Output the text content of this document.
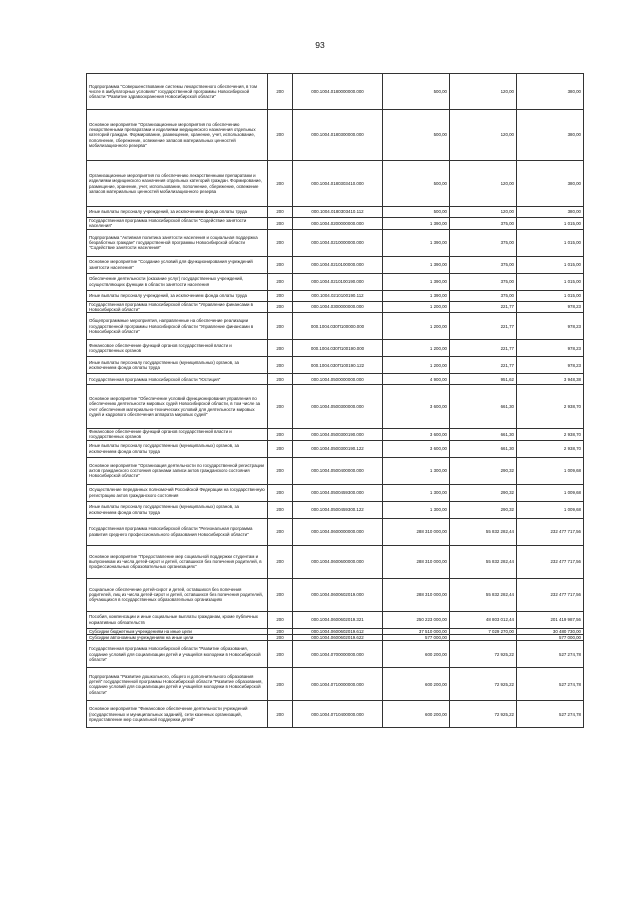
93
Подпрограмма "Совершенствование системы лекарственного обеспечения, в том числе в амбулаторных условиях" государственной программы Новосибирской области "Развитие здравоохранения Новосибирской области"	200	000.1004.0180000000.000	500,00	120,00	380,00
Основное мероприятие "Организационные мероприятия по обеспечению лекарственными препаратами и изделиями медицинского назначения отдельных категорий граждан. Формирование, размещение, хранение, учет, использование, пополнение, сбережение, освежение запасов материальных ценностей мобилизационного резерва"	200	000.1004.0180300000.000	500,00	120,00	380,00
Организационные мероприятия по обеспечению лекарственными препаратами и изделиями медицинского назначения отдельных категорий граждан. Формирование, размещение, хранение, учет, использование, пополнение, сбережение, освежение запасов материальных ценностей мобилизационного резерва	200	000.1004.0180303410.000	500,00	120,00	380,00
Иные выплаты персоналу учреждений, за исключением фонда оплаты труда	200	000.1004.0180303410.112	500,00	120,00	380,00
Государственная программа Новосибирской области "Содействие занятости населения"	200	000.1004.0200000000.000	1 390,00	375,00	1 015,00
Подпрограмма "Активная политика занятости населения и социальная поддержка безработных граждан" государственной программы Новосибирской области "Содействие занятости населения"	200	000.1004.0210000000.000	1 390,00	375,00	1 015,00
Основное мероприятие "Создание условий для функционирования учреждений занятости населения"	200	000.1004.0210100000.000	1 390,00	375,00	1 015,00
Обеспечение деятельности (оказание услуг) государственных учреждений, осуществляющих функции в области занятости населения	200	000.1004.0210100190.000	1 390,00	375,00	1 015,00
Иные выплаты персоналу учреждений, за исключением фонда оплаты труда	200	000.1004.0210100190.112	1 390,00	375,00	1 015,00
Государственная программа Новосибирской области "Управление финансами в Новосибирской области"	200	000.1004.0300000000.000	1 200,00	221,77	978,23
Общепрограммные мероприятия, направленные на обеспечение реализации государственной программы Новосибирской области "Управление финансами в Новосибирской области"	200	000.1004.030П100000.000	1 200,00	221,77	978,23
Финансовое обеспечение функций органов государственной власти и государственных органов	200	000.1004.030П100190.000	1 200,00	221,77	978,23
Иные выплаты персоналу государственных (муниципальных) органов, за исключением фонда оплаты труда	200	000.1004.030П100190.122	1 200,00	221,77	978,23
Государственная программа Новосибирской области "Юстиция"	200	000.1004.0500000000.000	4 900,00	951,62	3 948,38
Основное мероприятие "Обеспечение условий функционирования управления по обеспечению деятельности мировых судей Новосибирской области, в том числе за счет обеспечения материально-технических условий для деятельности мировых судей и кадрового обеспечения аппарата мировых судей"	200	000.1004.0500300000.000	3 600,00	661,30	2 938,70
Финансовое обеспечение функций органов государственной власти и государственных органов	200	000.1004.0500300190.000	3 600,00	661,30	2 938,70
Иные выплаты персоналу государственных (муниципальных) органов, за исключением фонда оплаты труда	200	000.1004.0500300190.122	3 600,00	661,30	2 938,70
Основное мероприятие "Организация деятельности по государственной регистрации актов гражданского состояния органами записи актов гражданского состояния Новосибирской области"	200	000.1004.0500400000.000	1 300,00	290,32	1 009,68
Осуществление переданных полномочий Российской Федерации на государственную регистрацию актов гражданского состояния	200	000.1004.0500459300.000	1 300,00	290,32	1 009,68
Иные выплаты персоналу государственных (муниципальных) органов, за исключением фонда оплаты труда	200	000.1004.0500459300.122	1 300,00	290,32	1 009,68
Государственная программа Новосибирской области "Региональная программа развития среднего профессионального образования Новосибирской области"	200	000.1004.0600000000.000	288 310 000,00	55 832 282,44	232 477 717,56
Основное мероприятие "Предоставление мер социальной поддержки студентам и выпускникам из числа детей-сирот и детей, оставшихся без попечения родителей, в профессиональных образовательных организациях"	200	000.1004.0600600000.000	288 310 000,00	55 832 282,44	232 477 717,56
Социальное обеспечение детей-сирот и детей, оставшихся без попечения родителей, лиц из числа детей-сирот и детей, оставшихся без попечения родителей, обучающихся в государственных образовательных организациях	200	000.1004.0600602019.000	288 310 000,00	55 832 282,44	232 477 717,56
Пособия, компенсации и иные социальные выплаты гражданам, кроме публичных нормативных обязательств	200	000.1004.0600602019.321	250 223 000,00	48 803 012,44	201 419 987,56
Субсидии бюджетным учреждениям на иные цели	200	000.1004.0600602019.612	37 510 000,00	7 029 270,00	30 480 730,00
Субсидии автономным учреждениям на иные цели	200	000.1004.0600602019.622	577 000,00		577 000,00
Государственная программа Новосибирской области "Развитие образования, создание условий для социализации детей и учащейся молодежи в Новосибирской области"	200	000.1004.0700000000.000	600 200,00	72 925,22	527 274,78
Подпрограмма "Развитие дошкольного, общего и дополнительного образования детей" государственной программы Новосибирской области "Развитие образования, создание условий для социализации детей и учащейся молодежи в Новосибирской области"	200	000.1004.0710000000.000	600 200,00	72 925,22	527 274,78
Основное мероприятие "Финансовое обеспечение деятельности учреждений (государственных и муниципальных заданий), сети казенных организаций, предоставление мер социальной поддержки детей"	200	000.1004.0710400000.000	600 200,00	72 925,22	527 274,78
